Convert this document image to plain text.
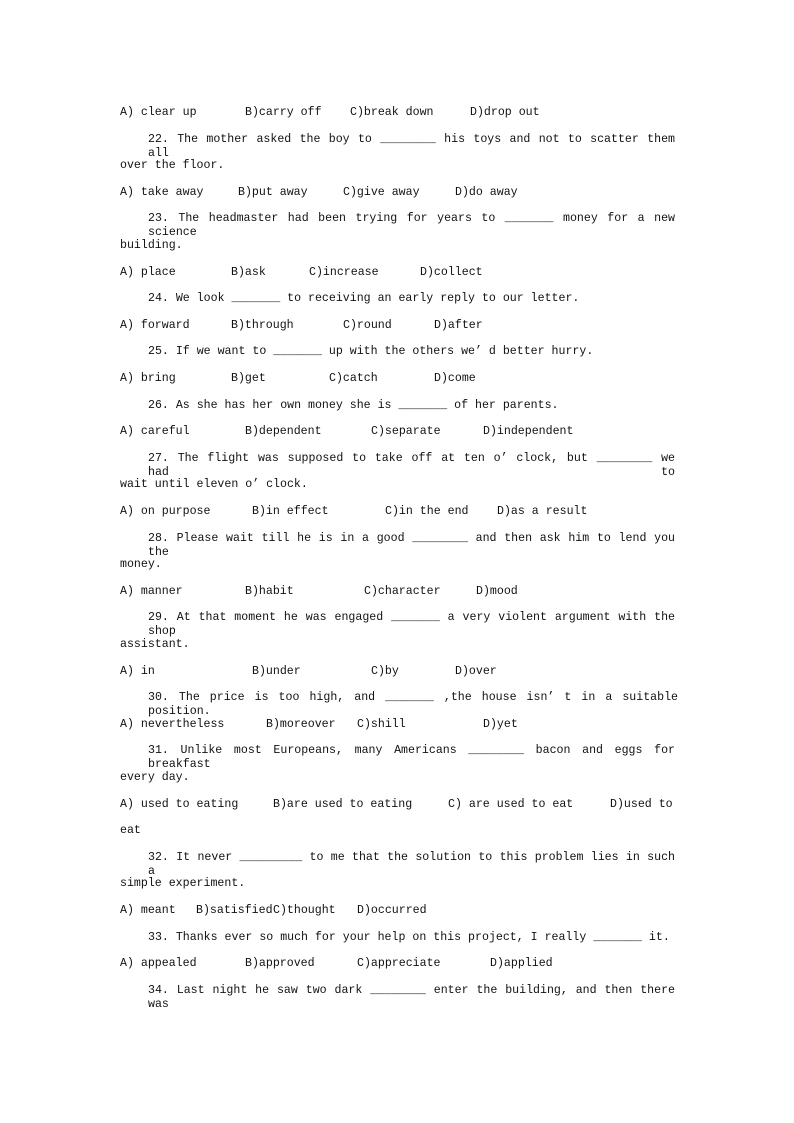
A) clear up	B)carry off C)break down	D)drop out
22. The mother asked the boy to ________ his toys and not to scatter them all
over the floor.
A) take away	B)put away	C)give away	D)do away
23. The headmaster had been trying for years to _______ money for a new science
building.
A) place	B)ask	C)increase	D)collect
24. We look _______ to receiving an early reply to our letter.
A) forward	B)through	C)round	D)after
25. If we want to _______ up with the others we’ d better hurry.
A) bring	B)get	C)catch	D)come
26. As she has her own money she is _______ of her parents.
A) careful	B)dependent	C)separate	D)independent
27. The flight was supposed to take off at ten o’ clock, but ________ we had to
wait until eleven o’ clock.
A) on purpose	B)in effect	C)in the end D)as a result
28. Please wait till he is in a good ________ and then ask him to lend you the
money.
A) manner	B)habit	C)character	D)mood
29. At that moment he was engaged _______ a very violent argument with the shop
assistant.
A) in	B)under	C)by	D)over
30. The price is too high, and _______ ,the house isn’ t in a suitable position.
A) nevertheless	B)moreover C)shill	D)yet
31. Unlike most Europeans, many Americans ________ bacon and eggs for breakfast
every day.
A) used to eating	B)are used to eating	C) are used to eat	D)used to
eat
32. It never _________ to me that the solution to this problem lies in such a
simple experiment.
A) meant B)satisfied C)thought D)occurred
33. Thanks ever so much for your help on this project, I really _______ it.
A) appealed	B)approved	C)appreciate	D)applied
34. Last night he saw two dark ________ enter the building, and then there was
